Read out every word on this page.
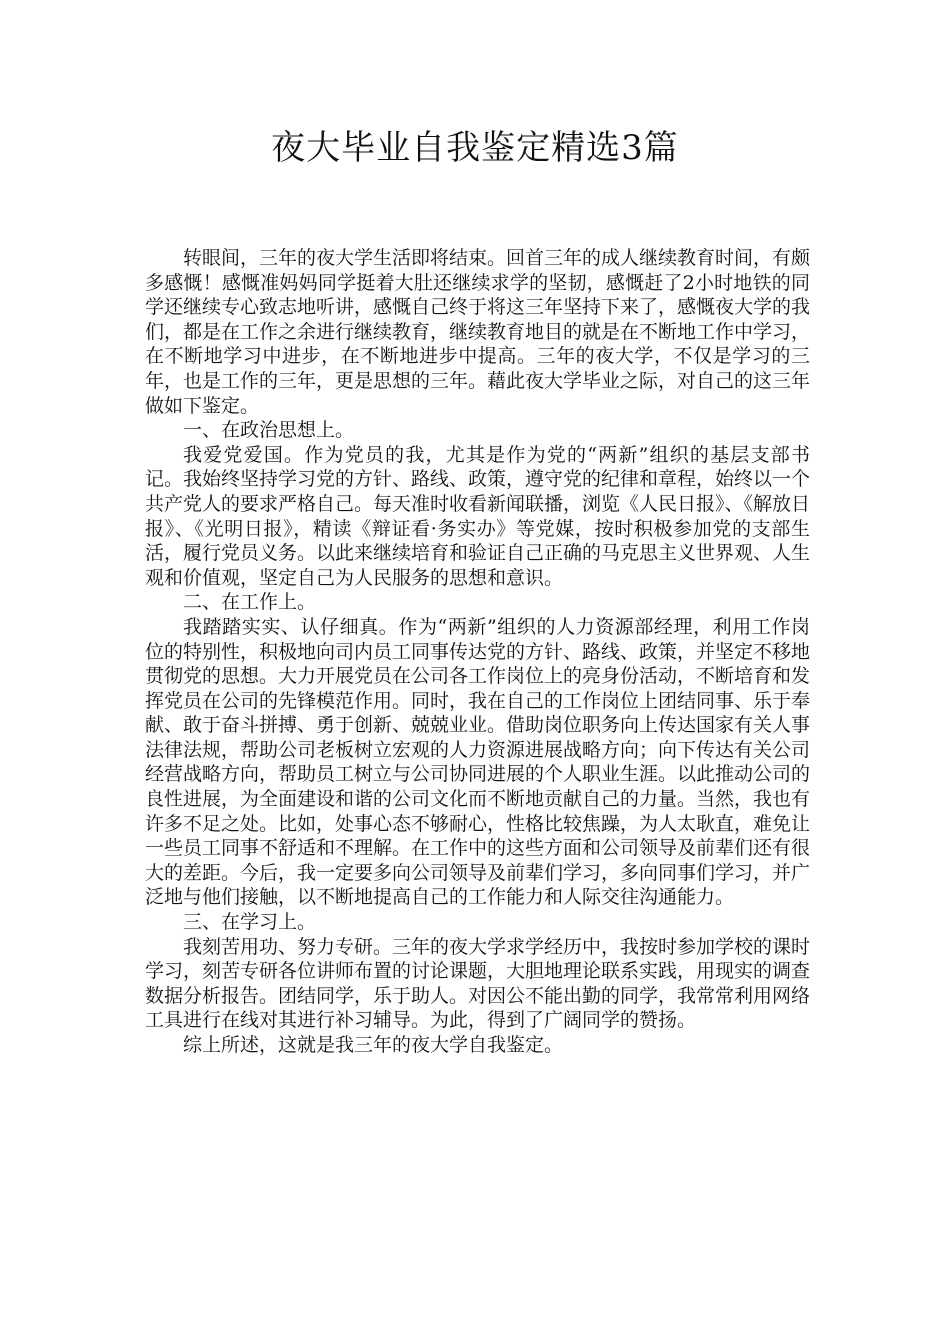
夜大毕业自我鉴定精选3篇

转眼间，三年的夜大学生活即将结束。回首三年的成人继续教育时间，有颇多感慨！感慨准妈妈同学挺着大肚还继续求学的坚韧，感慨赶了2小时地铁的同学还继续专心致志地听讲，感慨自己终于将这三年坚持下来了，感慨夜大学的我们，都是在工作之余进行继续教育，继续教育地目的就是在不断地工作中学习，在不断地学习中进步，在不断地进步中提高。三年的夜大学，不仅是学习的三年，也是工作的三年，更是思想的三年。藉此夜大学毕业之际，对自己的这三年做如下鉴定。

一、在政治思想上。

我爱党爱国。作为党员的我，尤其是作为党的“两新”组织的基层支部书记。我始终坚持学习党的方针、路线、政策，遵守党的纪律和章程，始终以一个共产党人的要求严格自己。每天准时收看新闻联播，浏览《人民日报》、《解放日报》、《光明日报》，精读《辩证看·务实办》等党媒，按时积极参加党的支部生活，履行党员义务。以此来继续培育和验证自己正确的马克思主义世界观、人生观和价值观，坚定自己为人民服务的思想和意识。

二、在工作上。

我踏踏实实、认仔细真。作为“两新”组织的人力资源部经理，利用工作岗位的特别性，积极地向司内员工同事传达党的方针、路线、政策，并坚定不移地贯彻党的思想。大力开展党员在公司各工作岗位上的亮身份活动，不断培育和发挥党员在公司的先锋模范作用。同时，我在自己的工作岗位上团结同事、乐于奉献、敢于奋斗拼搏、勇于创新、兢兢业业。借助岗位职务向上传达国家有关人事法律法规，帮助公司老板树立宏观的人力资源进展战略方向；向下传达有关公司经营战略方向，帮助员工树立与公司协同进展的个人职业生涯。以此推动公司的良性进展，为全面建设和谐的公司文化而不断地贡献自己的力量。当然，我也有许多不足之处。比如，处事心态不够耐心，性格比较焦躁，为人太耿直，难免让一些员工同事不舒适和不理解。在工作中的这些方面和公司领导及前辈们还有很大的差距。今后，我一定要多向公司领导及前辈们学习，多向同事们学习，并广泛地与他们接触，以不断地提高自己的工作能力和人际交往沟通能力。

三、在学习上。

我刻苦用功、努力专研。三年的夜大学求学经历中，我按时参加学校的课时学习，刻苦专研各位讲师布置的讨论课题，大胆地理论联系实践，用现实的调查数据分析报告。团结同学，乐于助人。对因公不能出勤的同学，我常常利用网络工具进行在线对其进行补习辅导。为此，得到了广阔同学的赞扬。

综上所述，这就是我三年的夜大学自我鉴定。
